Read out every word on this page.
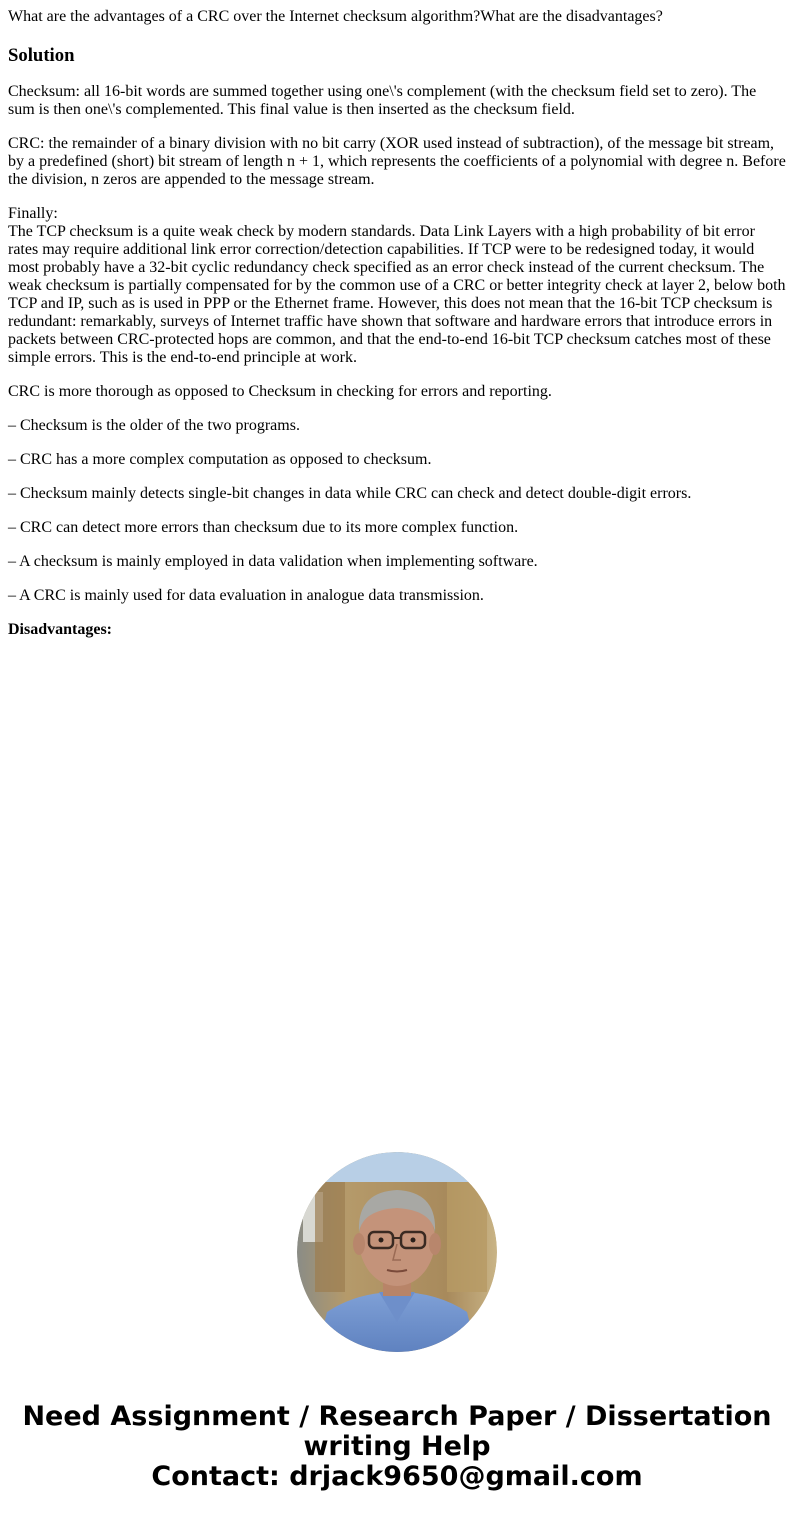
What are the advantages of a CRC over the Internet checksum algorithm?What are the disadvantages?
Solution

Checksum: all 16-bit words are summed together using one\'s complement (with the checksum field set to zero). The sum is then one\'s complemented. This final value is then inserted as the checksum field.

CRC: the remainder of a binary division with no bit carry (XOR used instead of subtraction), of the message bit stream, by a predefined (short) bit stream of length n + 1, which represents the coefficients of a polynomial with degree n. Before the division, n zeros are appended to the message stream.

Finally:
The TCP checksum is a quite weak check by modern standards. Data Link Layers with a high probability of bit error rates may require additional link error correction/detection capabilities. If TCP were to be redesigned today, it would most probably have a 32-bit cyclic redundancy check specified as an error check instead of the current checksum. The weak checksum is partially compensated for by the common use of a CRC or better integrity check at layer 2, below both TCP and IP, such as is used in PPP or the Ethernet frame. However, this does not mean that the 16-bit TCP checksum is redundant: remarkably, surveys of Internet traffic have shown that software and hardware errors that introduce errors in packets between CRC-protected hops are common, and that the end-to-end 16-bit TCP checksum catches most of these simple errors. This is the end-to-end principle at work.

CRC is more thorough as opposed to Checksum in checking for errors and reporting.

– Checksum is the older of the two programs.

– CRC has a more complex computation as opposed to checksum.

– Checksum mainly detects single-bit changes in data while CRC can check and detect double-digit errors.

– CRC can detect more errors than checksum due to its more complex function.

– A checksum is mainly employed in data validation when implementing software.

– A CRC is mainly used for data evaluation in analogue data transmission.

Disadvantages:

Need Assignment / Research Paper / Dissertation
writing Help
Contact: drjack9650@gmail.com
